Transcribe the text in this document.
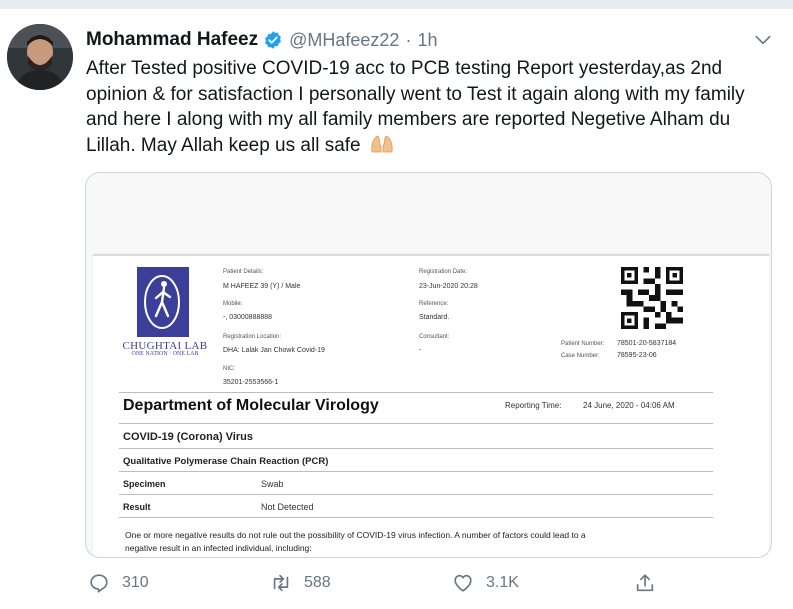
Mohammad Hafeez @MHafeez22 · 1h
After Tested positive COVID-19 acc to PCB testing Report yesterday,as 2nd opinion & for satisfaction I personally went to Test it again along with my family and here I along with my all family members are reported Negetive Alham du Lillah. May Allah keep us all safe
CHUGHTAI LAB
ONE NATION · ONE LAB
Patient Details:
M HAFEEZ 39 (Y) / Male
Mobile:
-, 03000888888
Registration Location:
DHA: Lalak Jan Chowk Covid-19
NIC:
35201-2553566-1
Registration Date:
23-Jun-2020 20:28
Reference:
Standard.
Consultant:
-
Patient Number: 78501-20-5837184
Case Number: 78595-23-06
Department of Molecular Virology	Reporting Time:	24 June, 2020 - 04:06 AM
COVID-19 (Corona) Virus
Qualitative Polymerase Chain Reaction (PCR)
Specimen	Swab
Result	Not Detected
One or more negative results do not rule out the possibility of COVID-19 virus infection. A number of factors could lead to a
negative result in an infected individual, including:
310	588	3.1K
